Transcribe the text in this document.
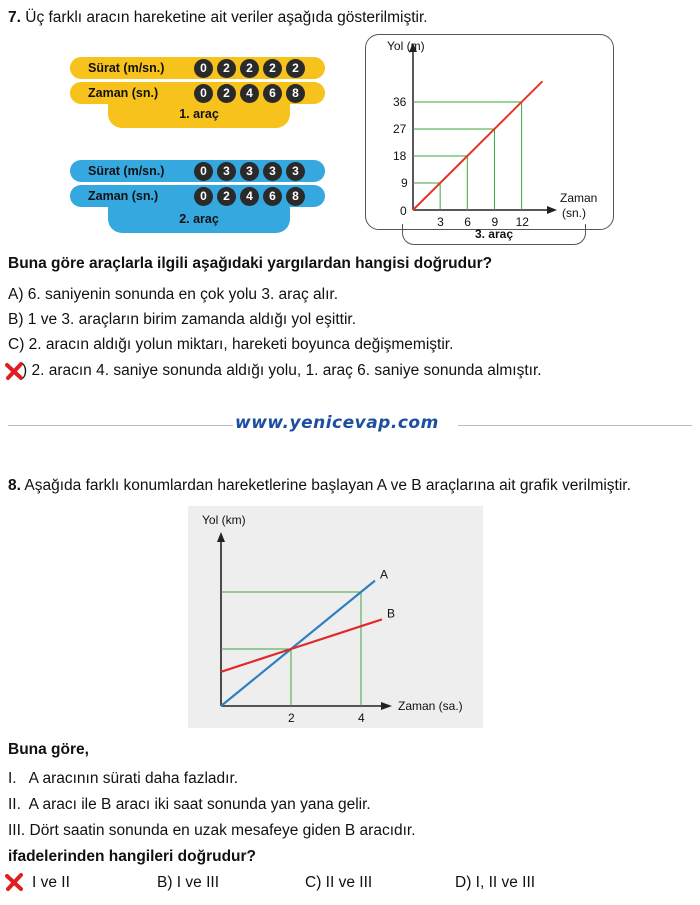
7. Üç farklı aracın hareketine ait veriler aşağıda gösterilmiştir.
1. araç
Sürat (m/sn.)	0	2	2	2	2
Zaman (sn.)	0	2	4	6	8
2. araç
Sürat (m/sn.)	0	3	3	3	3
Zaman (sn.)	0	2	4	6	8
3. araç
3 6 9 12
9
18
27
36
0
Yol (m)
Zaman
(sn.)
Buna göre araçlarla ilgili aşağıdaki yargılardan hangisi doğrudur?
A) 6. saniyenin sonunda en çok yolu 3. araç alır.
B) 1 ve 3. araçların birim zamanda aldığı yol eşittir.
C) 2. aracın aldığı yolun miktarı, hareketi boyunca değişmemiştir.
) 2. aracın 4. saniye sonunda aldığı yolu, 1. araç 6. saniye sonunda almıştır.
www.yenicevap.com
8. Aşağıda farklı konumlardan hareketlerine başlayan A ve B araçlarına ait grafik verilmiştir.
A
B
2	4
Yol (km)
Zaman (sa.)
Buna göre,
I.   A aracının sürati daha fazladır.
II.  A aracı ile B aracı iki saat sonunda yan yana gelir.
III. Dört saatin sonunda en uzak mesafeye giden B aracıdır.
ifadelerinden hangileri doğrudur?
I ve II	B) I ve III	C) II ve III	D) I, II ve III
